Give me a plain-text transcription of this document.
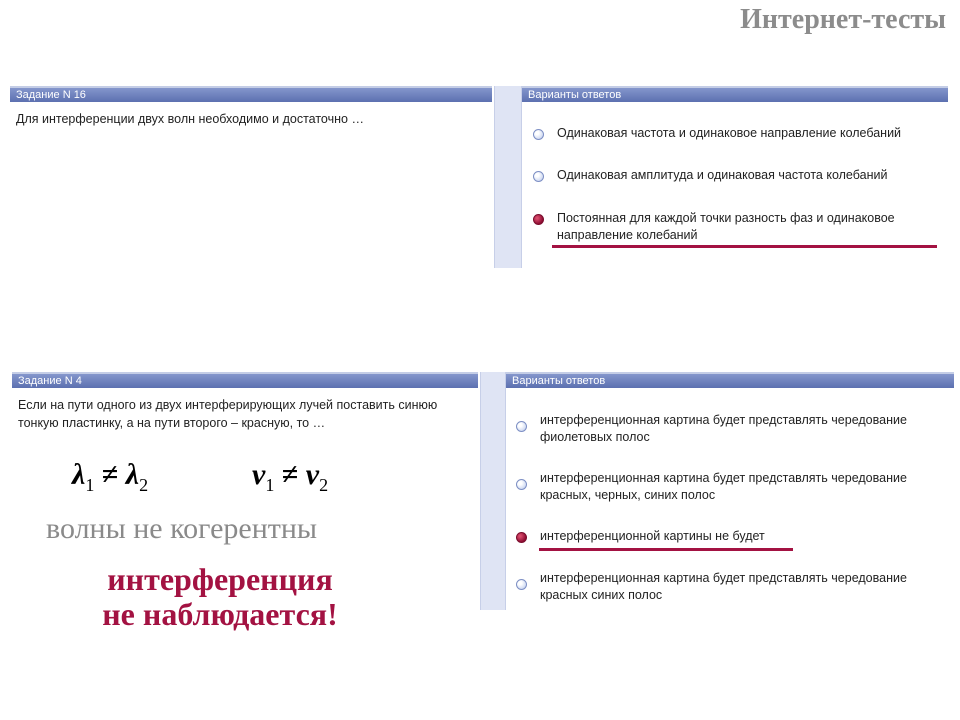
Интернет-тесты
Задание N 16
Для интерференции двух волн необходимо и достаточно …
Варианты ответов
Одинаковая частота и одинаковое направление колебаний
Одинаковая амплитуда и одинаковая частота колебаний
Постоянная для каждой точки разность фаз и одинаковое направление колебаний
Задание N 4
Если на пути одного из двух интерферирующих лучей поставить синюю тонкую пластинку, а на пути второго – красную, то …
Варианты ответов
интерференционная картина будет представлять чередование фиолетовых полос
интерференционная картина будет представлять чередование красных, черных, синих полос
интерференционной картины не будет
интерференционная картина будет представлять чередование красных синих полос
$\lambda_1 \ne \lambda_2$	$\nu_1 \ne \nu_2$
волны не когерентны
интерференция
не наблюдается!
